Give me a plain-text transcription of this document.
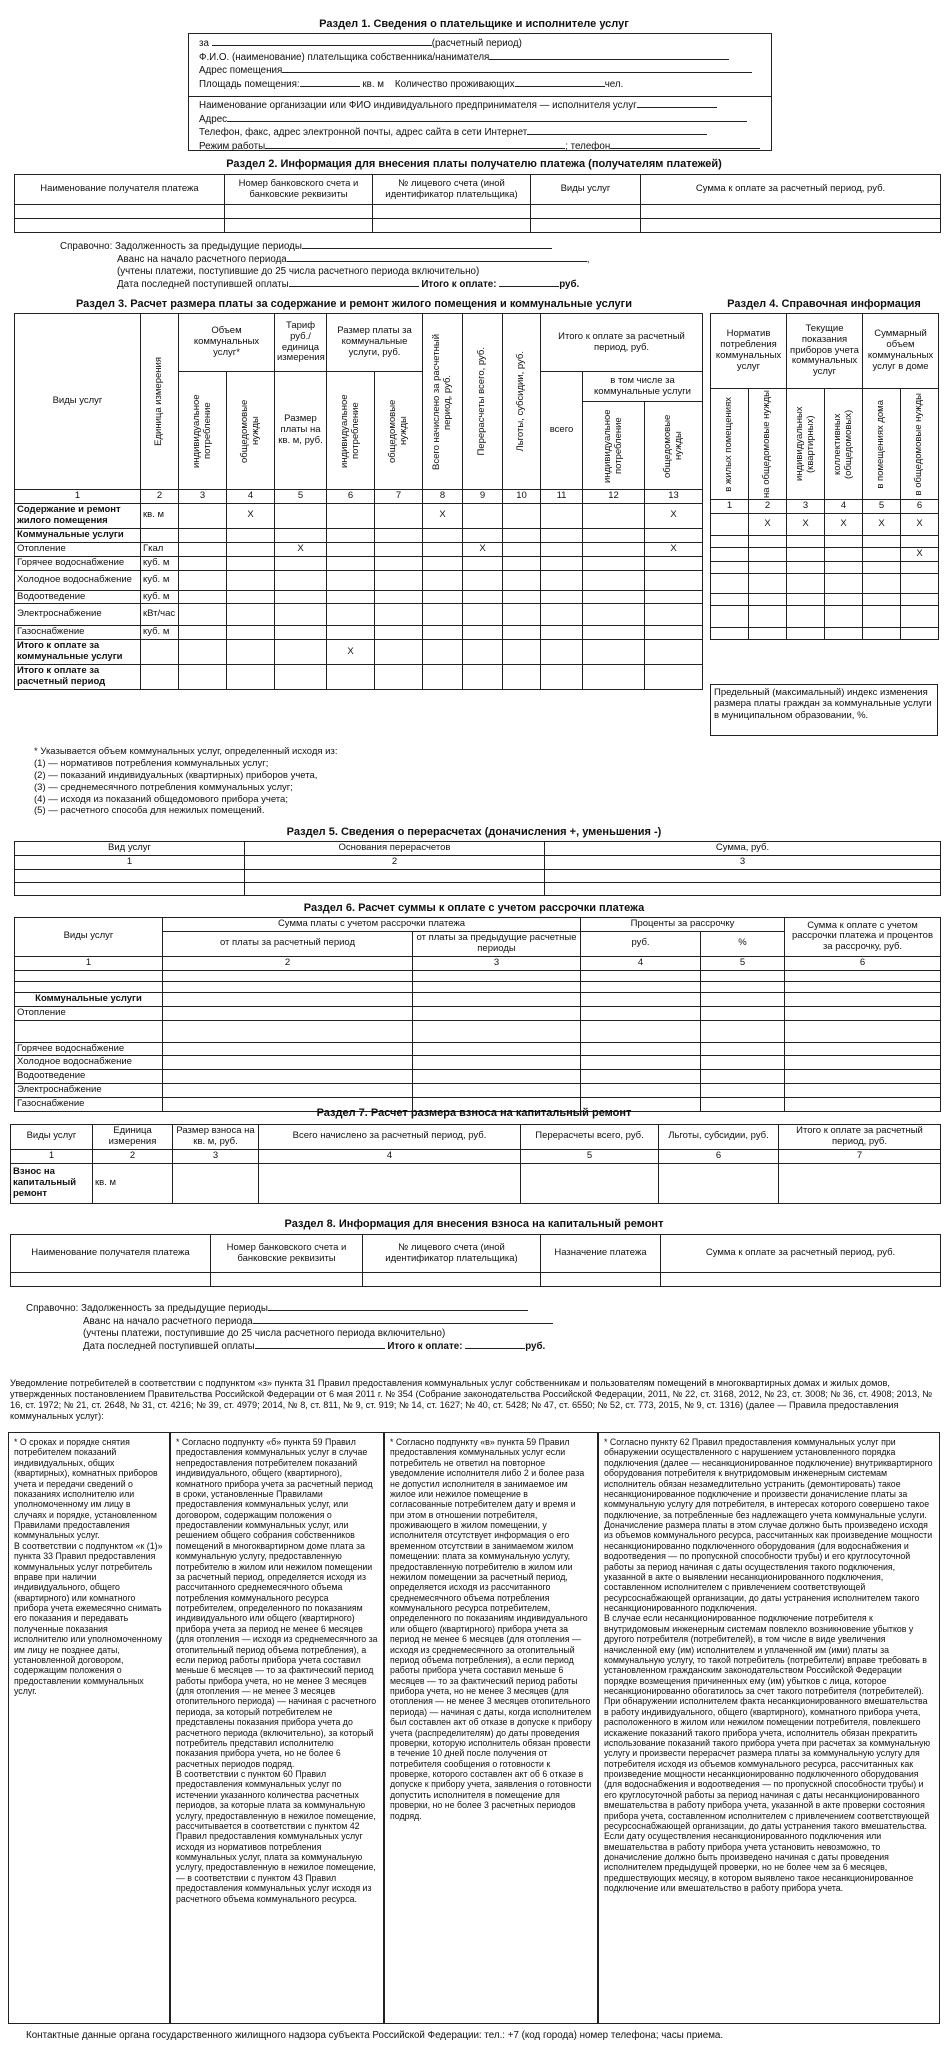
Раздел 1. Сведения о плательщике и исполнителе услуг
за	(расчетный период)
Ф.И.О. (наименование) плательщика собственника/нанимателя
Адрес помещения
Площадь помещения:	кв. м Количество проживающих	чел.
Наименование организации или ФИО индивидуального предпринимателя — исполнителя услуг
Адрес
Телефон, факс, адрес электронной почты, адрес сайта в сети Интернет
Режим работы	; телефон
Раздел 2. Информация для внесения платы получателю платежа (получателям платежей)
Наименование получателя платежа	Номер банковского счета и банковские реквизиты	№ лицевого счета (иной идентификатор плательщика)	Виды услуг	Сумма к оплате за расчетный период, руб.

Справочно: Задолженность за предыдущие периоды
Аванс на начало расчетного периода	,
(учтены платежи, поступившие до 25 числа расчетного периода включительно)
Дата последней поступившей оплаты	Итого к оплате:	руб.
Раздел 3. Расчет размера платы за содержание и ремонт жилого помещения и коммунальные услуги
Виды услуг	Единица измерения	Объем коммунальных услуг*		Тариф руб./единица измерения	Размер платы за коммунальные услуги, руб.		Всего начислено за расчетный период, руб.	Перерасчеты всего, руб.	Льготы, субсидии, руб.	Итого к оплате за расчетный период, руб.		

		индивидуальное потребление	общедомовые нужды	Размер платы на кв. м, руб.	индивидуальное потребление	общедомовые нужды				всего	в том числе за коммунальные услуги	

											индивидуальное потребление	общедомовые нужды

1	2	3	4	5	6	7	8	9	10	11	12	13
Содержание и ремонт жилого помещения	кв. м		X				X					X
Коммунальные услуги												
Отопление	Гкал			X				X				X
Горячее водоснабжение	куб. м											
Холодное водоснабжение	куб. м											
Водоотведение	куб. м											
Электроснабжение	кВт/час											
Газоснабжение	куб. м											
Итого к оплате за коммунальные услуги					X							
Итого к оплате за расчетный период												
Раздел 4. Справочная информация
Норматив потребления коммунальных услуг		Текущие показания приборов учета коммунальных услуг		Суммарный объем коммунальных услуг в доме	

в жилых помещениях	на общедомовые нужды	индивидуальных (квартирных)	коллективных (общедомовых)	в помещениях дома	в общедомовые нужды

1	2	3	4	5	6
	X	X	X	X	X

					X

Предельный (максимальный) индекс изменения размера платы граждан за коммунальные услуги в муниципальном образовании, %.
* Указывается объем коммунальных услуг, определенный исходя из:
(1) — нормативов потребления коммунальных услуг;
(2) — показаний индивидуальных (квартирных) приборов учета,
(3) — среднемесячного потребления коммунальных услуг;
(4) — исходя из показаний общедомового прибора учета;
(5) — расчетного способа для нежилых помещений.
Раздел 5. Сведения о перерасчетах (доначисления +, уменьшения -)
Вид услуг	Основания перерасчетов	Сумма, руб.
1	2	3

Раздел 6. Расчет суммы к оплате с учетом рассрочки платежа
Виды услуг	Сумма платы с учетом рассрочки платежа		Проценты за рассрочку		Сумма к оплате с учетом рассрочки платежа и процентов за рассрочку, руб.
	от платы за расчетный период	от платы за предыдущие расчетные периоды	руб.	%	
1	2	3	4	5	6

Коммунальные услуги					
Отопление					

Горячее водоснабжение					
Холодное водоснабжение					
Водоотведение					
Электроснабжение					
Газоснабжение					
Раздел 7. Расчет размера взноса на капитальный ремонт
Виды услуг	Единица измерения	Размер взноса на кв. м, руб.	Всего начислено за расчетный период, руб.	Перерасчеты всего, руб.	Льготы, субсидии, руб.	Итого к оплате за расчетный период, руб.
1	2	3	4	5	6	7
Взнос на капитальный ремонт	кв. м					
Раздел 8. Информация для внесения взноса на капитальный ремонт
Наименование получателя платежа	Номер банковского счета и банковские реквизиты	№ лицевого счета (иной идентификатор плательщика)	Назначение платежа	Сумма к оплате за расчетный период, руб.

Справочно: Задолженность за предыдущие периоды
Аванс на начало расчетного периода
(учтены платежи, поступившие до 25 числа расчетного периода включительно)
Дата последней поступившей оплаты	Итого к оплате:	руб.
Уведомление потребителей в соответствии с подпунктом «з» пункта 31 Правил предоставления коммунальных услуг собственникам и пользователям помещений в многоквартирных домах и жилых домов, утвержденных постановлением Правительства Российской Федерации от 6 мая 2011 г. № 354 (Собрание законодательства Российской Федерации, 2011, № 22, ст. 3168, 2012, № 23, ст. 3008; № 36, ст. 4908; 2013, № 16, ст. 1972; № 21, ст. 2648, № 31, ст. 4216; № 39, ст. 4979; 2014, № 8, ст. 811, № 9, ст. 919; № 14, ст. 1627; № 40, ст. 5428; № 47, ст. 6550; № 52, ст. 773, 2015, № 9, ст. 1316) (далее — Правила предоставления коммунальных услуг):
* О сроках и порядке снятия потребителем показаний индивидуальных, общих (квартирных), комнатных приборов учета и передачи сведений о показаниях исполнителю или уполномоченному им лицу в случаях и порядке, установленном Правилами предоставления коммунальных услуг.
В соответствии с подпунктом «к (1)» пункта 33 Правил предоставления коммунальных услуг потребитель вправе при наличии индивидуального, общего (квартирного) или комнатного прибора учета ежемесячно снимать его показания и передавать полученные показания исполнителю или уполномоченному им лицу не позднее даты, установленной договором, содержащим положения о предоставлении коммунальных услуг.
* Согласно подпункту «б» пункта 59 Правил предоставления коммунальных услуг в случае непредоставления потребителем показаний индивидуального, общего (квартирного), комнатного прибора учета за расчетный период в сроки, установленные Правилами предоставления коммунальных услуг, или договором, содержащим положения о предоставлении коммунальных услуг, или решением общего собрания собственников помещений в многоквартирном доме плата за коммунальную услугу, предоставленную потребителю в жилом или нежилом помещении за расчетный период, определяется исходя из рассчитанного среднемесячного объема потребления коммунального ресурса потребителем, определенного по показаниям индивидуального или общего (квартирного) прибора учета за период не менее 6 месяцев (для отопления — исходя из среднемесячного за отопительный период объема потребления), а если период работы прибора учета составил меньше 6 месяцев — то за фактический период работы прибора учета, но не менее 3 месяцев (для отопления — не менее 3 месяцев отопительного периода) — начиная с расчетного периода, за который потребителем не представлены показания прибора учета до расчетного периода (включительно), за который потребитель представил исполнителю показания прибора учета, но не более 6 расчетных периодов подряд.
В соответствии с пунктом 60 Правил предоставления коммунальных услуг по истечении указанного количества расчетных периодов, за которые плата за коммунальную услугу, предоставленную в нежилое помещение, рассчитывается в соответствии с пунктом 42 Правил предоставления коммунальных услуг исходя из нормативов потребления коммунальных услуг, плата за коммунальную услугу, предоставленную в нежилое помещение, — в соответствии с пунктом 43 Правил предоставления коммунальных услуг исходя из расчетного объема коммунального ресурса.
* Согласно подпункту «в» пункта 59 Правил предоставления коммунальных услуг если потребитель не ответил на повторное уведомление исполнителя либо 2 и более раза не допустил исполнителя в занимаемое им жилое или нежилое помещение в согласованные потребителем дату и время и при этом в отношении потребителя, проживающего в жилом помещении, у исполнителя отсутствует информация о его временном отсутствии в занимаемом жилом помещении: плата за коммунальную услугу, предоставленную потребителю в жилом или нежилом помещении за расчетный период, определяется исходя из рассчитанного среднемесячного объема потребления коммунального ресурса потребителем, определенного по показаниям индивидуального или общего (квартирного) прибора учета за период не менее 6 месяцев (для отопления — исходя из среднемесячного за отопительный период объема потребления), а если период работы прибора учета составил меньше 6 месяцев — то за фактический период работы прибора учета, но не менее 3 месяцев (для отопления — не менее 3 месяцев отопительного периода) — начиная с даты, когда исполнителем был составлен акт об отказе в допуске к прибору учета (распределителям) до даты проведения проверки, которую исполнитель обязан провести в течение 10 дней после получения от потребителя сообщения о готовности к проверке, которого составлен акт об 6 отказе в допуске к прибору учета, заявления о готовности допустить исполнителя в помещение для проверки, но не более 3 расчетных периодов подряд.
* Согласно пункту 62 Правил предоставления коммунальных услуг при обнаружении осуществленного с нарушением установленного порядка подключения (далее — несанкционированное подключение) внутриквартирного оборудования потребителя к внутридомовым инженерным системам исполнитель обязан незамедлительно устранить (демонтировать) такое несанкционированное подключение и произвести доначисление платы за коммунальную услугу для потребителя, в интересах которого совершено такое подключение, за потребленные без надлежащего учета коммунальные услуги.
Доначисление размера платы в этом случае должно быть произведено исходя из объемов коммунального ресурса, рассчитанных как произведение мощности несанкционированно подключенного оборудования (для водоснабжения и водоотведения — по пропускной способности трубы) и его круглосуточной работы за период начиная с даты осуществления такого подключения, указанной в акте о выявлении несанкционированного подключения, составленном исполнителем с привлечением соответствующей ресурсоснабжающей организации, до даты устранения исполнителем такого несанкционированного подключения.
В случае если несанкционированное подключение потребителя к внутридомовым инженерным системам повлекло возникновение убытков у другого потребителя (потребителей), в том числе в виде увеличения начисленной ему (им) исполнителем и уплаченной им (ими) платы за коммунальную услугу, то такой потребитель (потребители) вправе требовать в установленном гражданским законодательством Российской Федерации порядке возмещения причиненных ему (им) убытков с лица, которое несанкционированно обогатилось за счет такого потребителя (потребителей). При обнаружении исполнителем факта несанкционированного вмешательства в работу индивидуального, общего (квартирного), комнатного прибора учета, расположенного в жилом или нежилом помещении потребителя, повлекшего искажение показаний такого прибора учета, исполнитель обязан прекратить использование показаний такого прибора учета при расчетах за коммунальную услугу и произвести перерасчет размера платы за коммунальную услугу для потребителя исходя из объемов коммунального ресурса, рассчитанных как произведение мощности несанкционированно подключенного оборудования (для водоснабжения и водоотведения — по пропускной способности трубы) и его круглосуточной работы за период начиная с даты несанкционированного вмешательства в работу прибора учета, указанной в акте проверки состояния прибора учета, составленном исполнителем с привлечением соответствующей ресурсоснабжающей организации, до даты устранения такого вмешательства.
Если дату осуществления несанкционированного подключения или вмешательства в работу прибора учета установить невозможно, то доначисление должно быть произведено начиная с даты проведения исполнителем предыдущей проверки, но не более чем за 6 месяцев, предшествующих месяцу, в котором выявлено такое несанкционированное подключение или вмешательство в работу прибора учета.
Контактные данные органа государственного жилищного надзора субъекта Российской Федерации: тел.: +7 (код города) номер телефона; часы приема.
